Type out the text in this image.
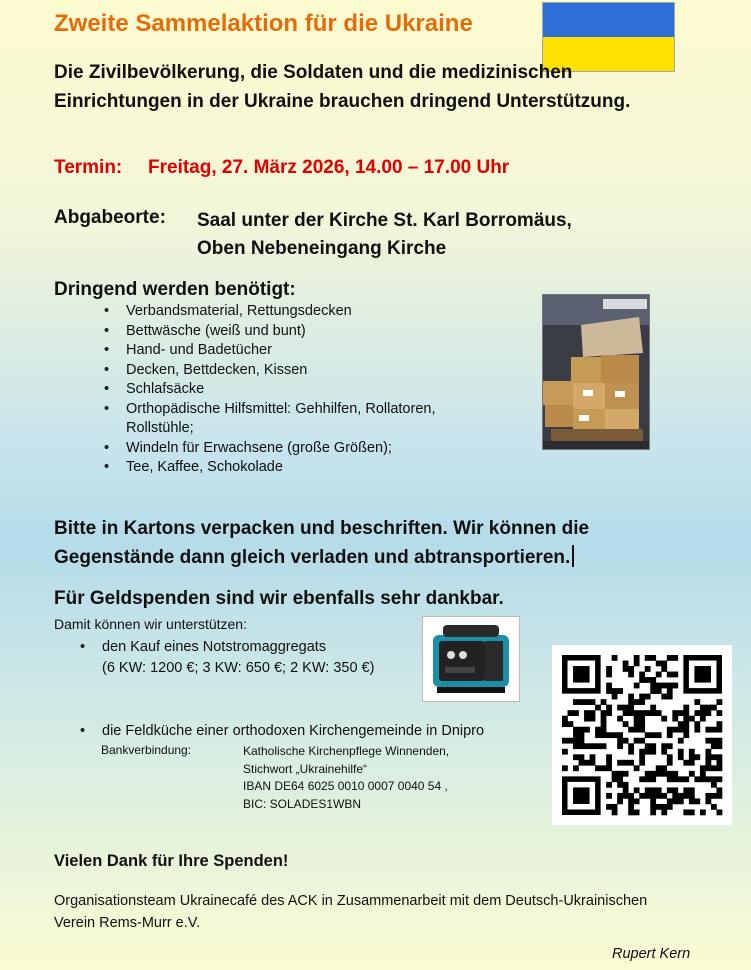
Zweite Sammelaktion für die Ukraine
Die Zivilbevölkerung, die Soldaten und die medizinischen Einrichtungen in der Ukraine brauchen dringend Unterstützung.
Termin: Freitag, 27. März 2026, 14.00 – 17.00 Uhr
Abgabeorte: Saal unter der Kirche St. Karl Borromäus,
Oben Nebeneingang Kirche
Dringend werden benötigt:
• Verbandsmaterial, Rettungsdecken
• Bettwäsche (weiß und bunt)
• Hand- und Badetücher
• Decken, Bettdecken, Kissen
• Schlafsäcke
• Orthopädische Hilfsmittel: Gehhilfen, Rollatoren, Rollstühle;
• Windeln für Erwachsene (große Größen);
• Tee, Kaffee, Schokolade
Bitte in Kartons verpacken und beschriften. Wir können die Gegenstände dann gleich verladen und abtransportieren.
Für Geldspenden sind wir ebenfalls sehr dankbar.
Damit können wir unterstützen:
•	den Kauf eines Notstromaggregats
(6 KW: 1200 €; 3 KW: 650 €; 2 KW: 350 €)
•	die Feldküche einer orthodoxen Kirchengemeinde in Dnipro
Bankverbindung:	Katholische Kirchenpflege Winnenden,
Stichwort „Ukrainehilfe“
IBAN DE64 6025 0010 0007 0040 54 ,
BIC: SOLADES1WBN
Vielen Dank für Ihre Spenden!
Organisationsteam Ukrainecafé des ACK in Zusammenarbeit mit dem Deutsch-Ukrainischen Verein Rems-Murr e.V.
Rupert Kern
